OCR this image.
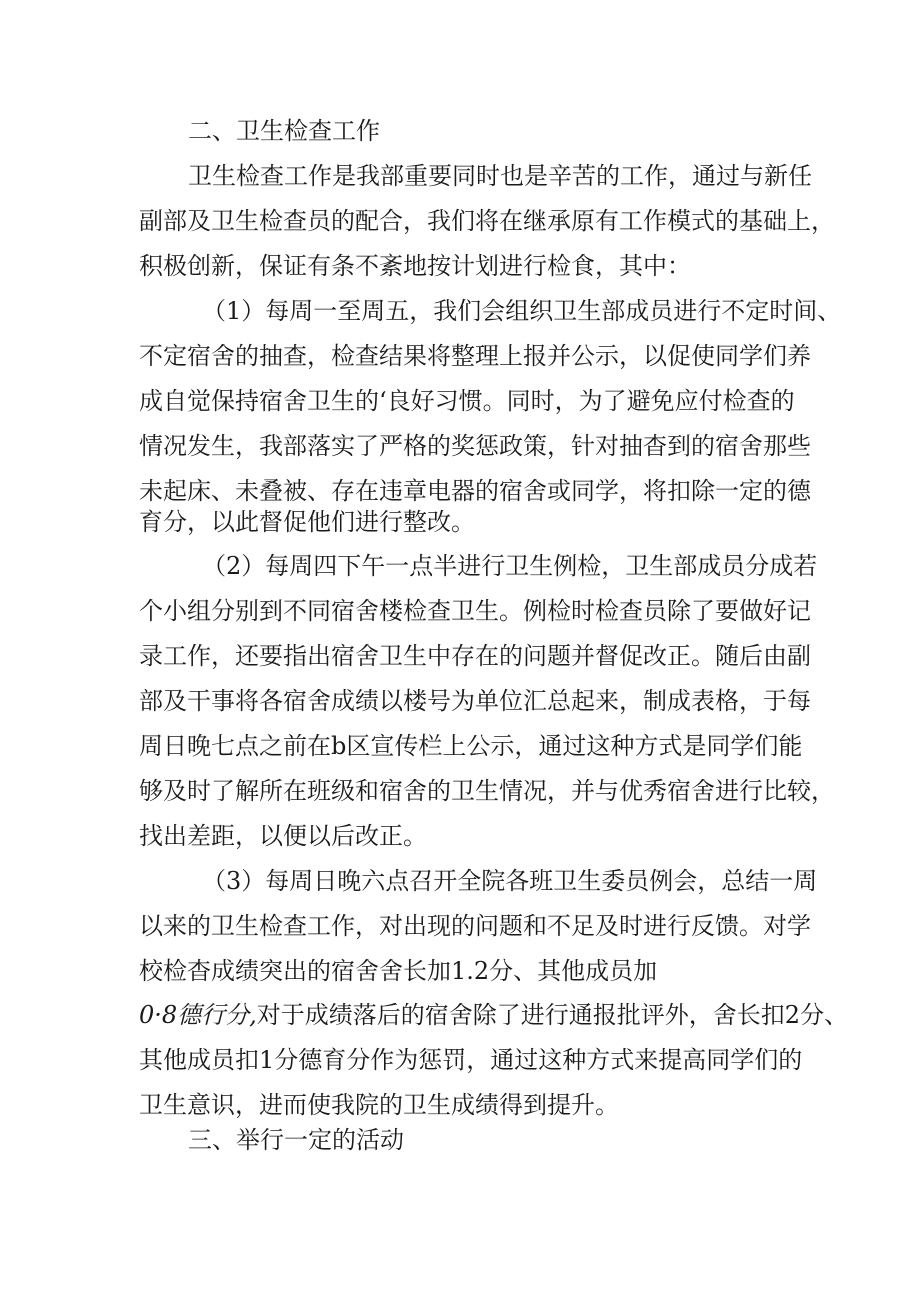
二、卫生检查工作

卫生检查工作是我部重要同时也是辛苦的工作，通过与新任

副部及卫生检查员的配合，我们将在继承原有工作模式的基础上，

积极创新，保证有条不紊地按计划进行检食，其中：

（1）每周一至周五，我们会组织卫生部成员进行不定时间、

不定宿舍的抽查，检查结果将整理上报并公示，以促使同学们养

成自觉保持宿舍卫生的‘良好习惯。同时，为了避免应付检查的

情况发生，我部落实了严格的奖惩政策，针对抽杳到的宿舍那些

未起床、未叠被、存在违章电器的宿舍或同学，将扣除一定的德

育分，以此督促他们进行整改。

（2）每周四下午一点半进行卫生例检，卫生部成员分成若

个小组分别到不同宿舍楼检查卫生。例检时检查员除了要做好记

录工作，还要指出宿舍卫生中存在的问题并督促改正。随后由副

部及干事将各宿舍成绩以楼号为单位汇总起来，制成表格，于每

周日晚七点之前在b区宣传栏上公示，通过这种方式是同学们能

够及时了解所在班级和宿舍的卫生情况，并与优秀宿舍进行比较，

找出差距，以便以后改正。

（3）每周日晚六点召开全院各班卫生委员例会，总结一周

以来的卫生检查工作，对出现的问题和不足及时进行反馈。对学

校检杳成绩突出的宿舍舍长加1.2分、其他成员加

0·8德行分,对于成绩落后的宿舍除了进行通报批评外，舍长扣2分、

其他成员扣1分德育分作为惩罚，通过这种方式来提高同学们的

卫生意识，进而使我院的卫生成绩得到提升。

三、举行一定的活动
